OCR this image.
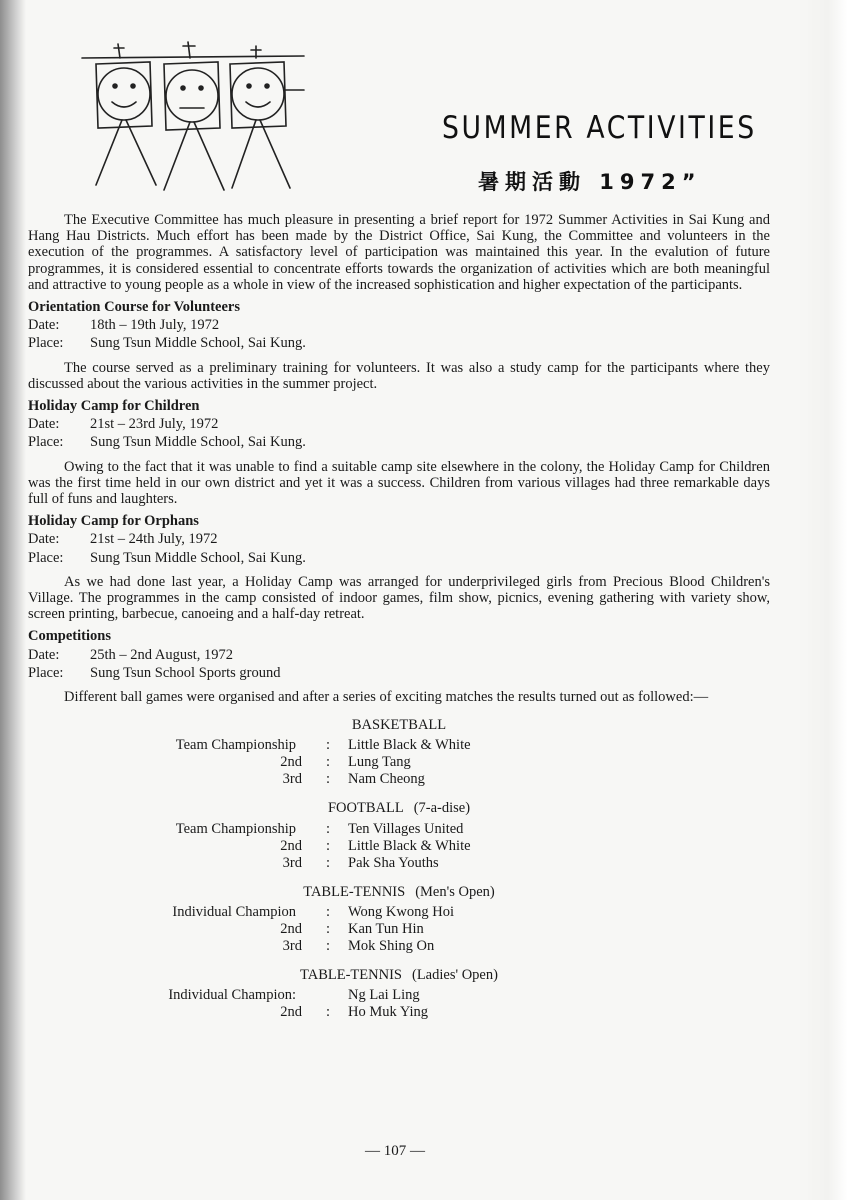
SUMMER ACTIVITIES
暑期活動 1972”

The Executive Committee has much pleasure in presenting a brief report for 1972 Summer Activities in Sai Kung and Hang Hau Districts. Much effort has been made by the District Office, Sai Kung, the Committee and volunteers in the execution of the programmes. A satisfactory level of participation was maintained this year. In the evalution of future programmes, it is considered essential to concentrate efforts towards the organization of activities which are both meaningful and attractive to young people as a whole in view of the increased sophistication and higher expectation of the participants.

Orientation Course for Volunteers
Date:	18th – 19th July, 1972
Place:	Sung Tsun Middle School, Sai Kung.

The course served as a preliminary training for volunteers. It was also a study camp for the participants where they discussed about the various activities in the summer project.

Holiday Camp for Children
Date:	21st – 23rd July, 1972
Place:	Sung Tsun Middle School, Sai Kung.

Owing to the fact that it was unable to find a suitable camp site elsewhere in the colony, the Holiday Camp for Children was the first time held in our own district and yet it was a success. Children from various villages had three remarkable days full of funs and laughters.

Holiday Camp for Orphans
Date:	21st – 24th July, 1972
Place:	Sung Tsun Middle School, Sai Kung.

As we had done last year, a Holiday Camp was arranged for underprivileged girls from Precious Blood Children's Village. The programmes in the camp consisted of indoor games, film show, picnics, evening gathering with variety show, screen printing, barbecue, canoeing and a half-day retreat.

Competitions
Date:	25th – 2nd August, 1972
Place:	Sung Tsun School Sports ground

Different ball games were organised and after a series of exciting matches the results turned out as followed:—

BASKETBALL
Team Championship	:	Little Black & White
2nd	:	Lung Tang
3rd	:	Nam Cheong
FOOTBALL (7-a-dise)
Team Championship	:	Ten Villages United
2nd	:	Little Black & White
3rd	:	Pak Sha Youths
TABLE-TENNIS (Men's Open)
Individual Champion	:	Wong Kwong Hoi
2nd	:	Kan Tun Hin
3rd	:	Mok Shing On
TABLE-TENNIS (Ladies' Open)
Individual Champion:	Ng Lai Ling
2nd	:	Ho Muk Ying
— 107 —
